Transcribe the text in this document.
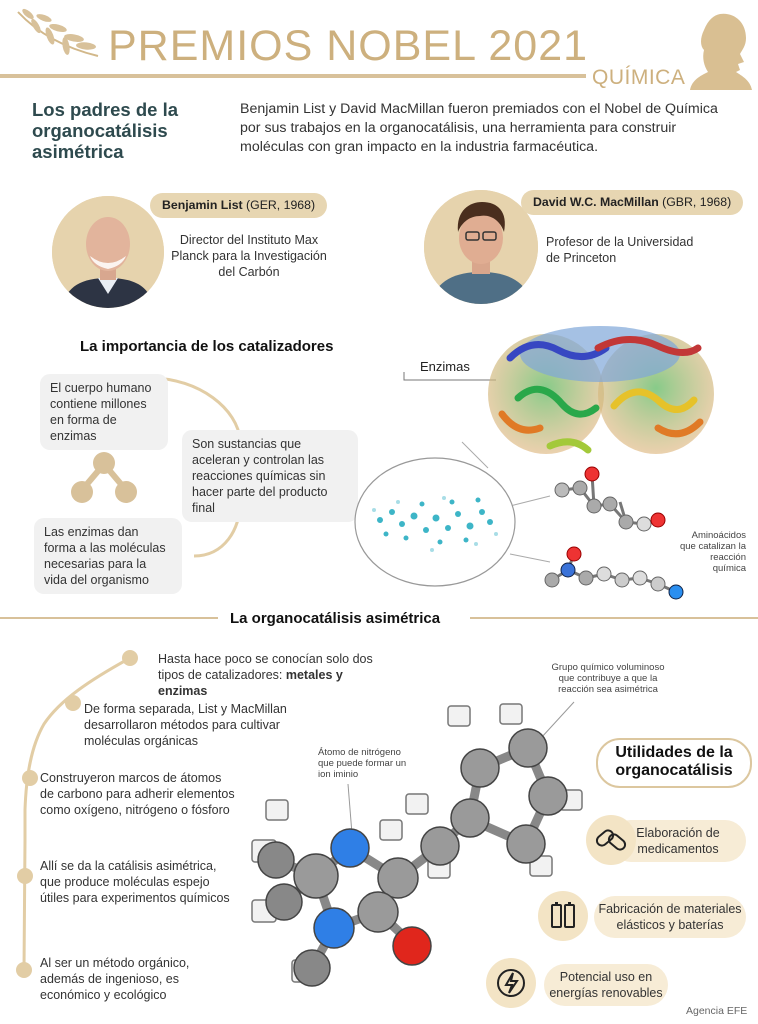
PREMIOS NOBEL 2021
QUÍMICA
Los padres de la organocatálisis asimétrica
Benjamin List y David MacMillan fueron premiados con el Nobel de Química por sus trabajos en la organocatálisis, una herramienta para construir moléculas con gran impacto en la industria farmacéutica.
Benjamin List (GER, 1968)
Director del Instituto Max Planck para la Investigación del Carbón
David W.C. MacMillan (GBR, 1968)
Profesor de la Universidad de Princeton
La importancia de los catalizadores
El cuerpo humano contiene millones en forma de enzimas
Son sustancias que aceleran y controlan las reacciones químicas sin hacer parte del producto final
Las enzimas dan forma a las moléculas necesarias para la vida del organismo
Enzimas
Aminoácidos que catalizan la reacción química
La organocatálisis asimétrica
Hasta hace poco se conocían solo dos tipos de catalizadores: metales y enzimas
De forma separada, List y MacMillan desarrollaron métodos para cultivar moléculas orgánicas
Construyeron marcos de átomos de carbono para adherir elementos como oxígeno, nitrógeno o fósforo
Allí se da la catálisis asimétrica, que produce moléculas espejo útiles para experimentos químicos
Al ser un método orgánico, además de ingenioso, es económico y ecológico
Grupo químico voluminoso que contribuye a que la reacción sea asimétrica
Átomo de nitrógeno que puede formar un ion iminio
Utilidades de la organocatálisis
Elaboración de medicamentos
Fabricación de materiales elásticos y baterías
Potencial uso en energías renovables
Agencia EFE
